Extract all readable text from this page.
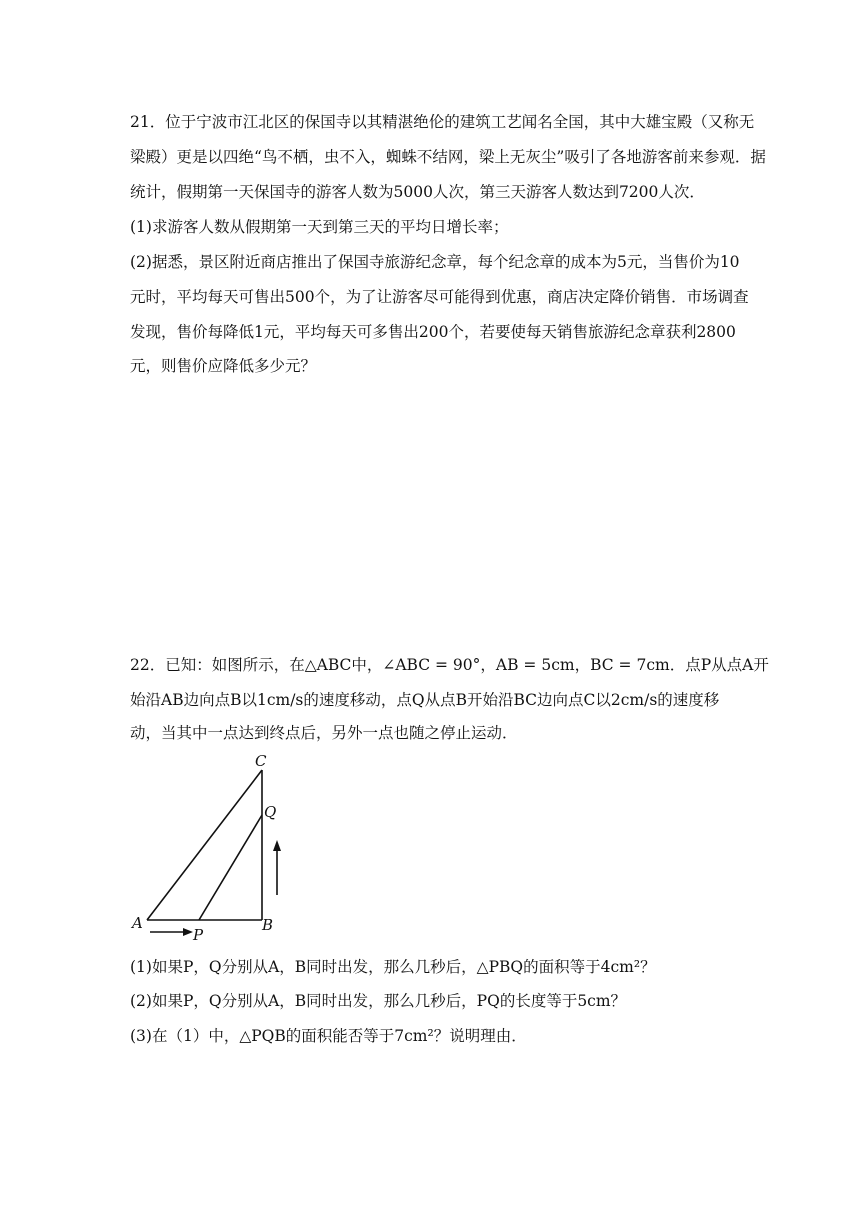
21．位于宁波市江北区的保国寺以其精湛绝伦的建筑工艺闻名全国，其中大雄宝殿（又称无
梁殿）更是以四绝“鸟不栖，虫不入，蜘蛛不结网，梁上无灰尘”吸引了各地游客前来参观．据
统计，假期第一天保国寺的游客人数为5000人次，第三天游客人数达到7200人次．
(1)求游客人数从假期第一天到第三天的平均日增长率；
(2)据悉，景区附近商店推出了保国寺旅游纪念章，每个纪念章的成本为5元，当售价为10
元时，平均每天可售出500个，为了让游客尽可能得到优惠，商店决定降价销售．市场调查
发现，售价每降低1元，平均每天可多售出200个，若要使每天销售旅游纪念章获利2800
元，则售价应降低多少元？
22．已知：如图所示，在△ABC中，∠ABC = 90°，AB = 5cm，BC = 7cm．点P从点A开
始沿AB边向点B以1cm/s的速度移动，点Q从点B开始沿BC边向点C以2cm/s的速度移
动，当其中一点达到终点后，另外一点也随之停止运动．
A	B
C
P
Q
(1)如果P，Q分别从A，B同时出发，那么几秒后，△PBQ的面积等于4cm²？
(2)如果P，Q分别从A，B同时出发，那么几秒后，PQ的长度等于5cm？
(3)在（1）中，△PQB的面积能否等于7cm²？说明理由．
